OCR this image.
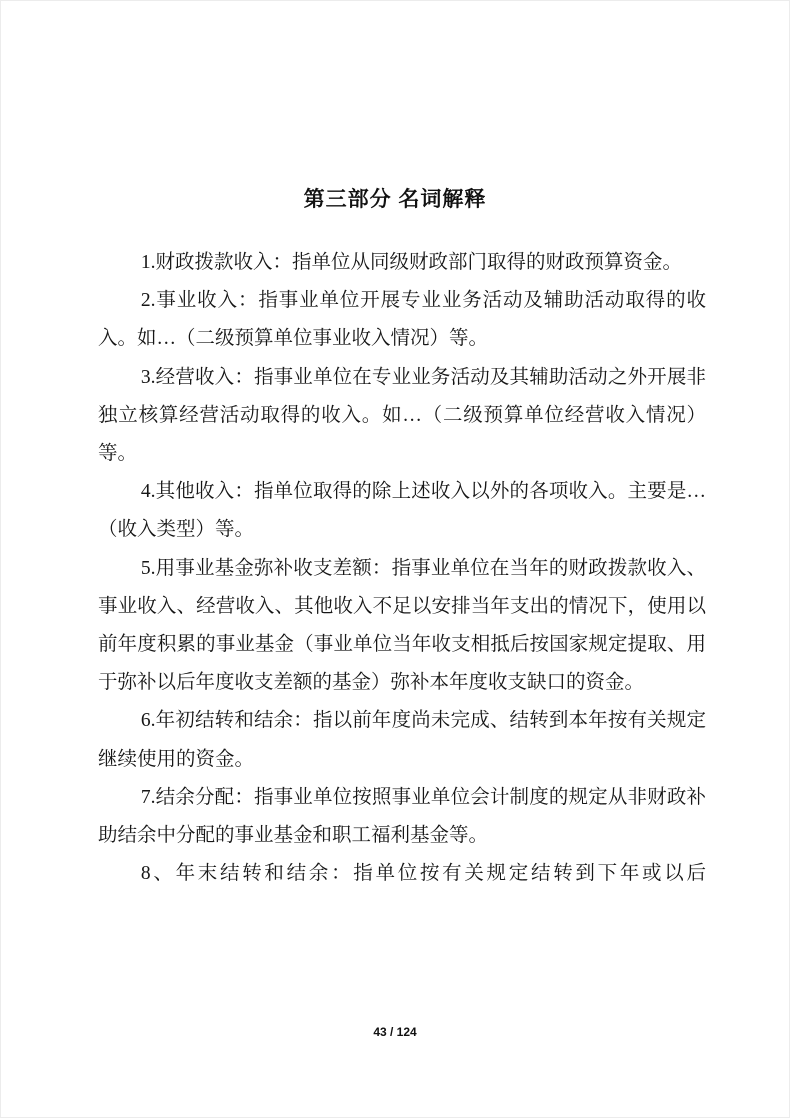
第三部分 名词解释

1.财政拨款收入：指单位从同级财政部门取得的财政预算资金。

2.事业收入：指事业单位开展专业业务活动及辅助活动取得的收入。如…（二级预算单位事业收入情况）等。

3.经营收入：指事业单位在专业业务活动及其辅助活动之外开展非独立核算经营活动取得的收入。如…（二级预算单位经营收入情况）等。

4.其他收入：指单位取得的除上述收入以外的各项收入。主要是…（收入类型）等。

5.用事业基金弥补收支差额：指事业单位在当年的财政拨款收入、事业收入、经营收入、其他收入不足以安排当年支出的情况下，使用以前年度积累的事业基金（事业单位当年收支相抵后按国家规定提取、用于弥补以后年度收支差额的基金）弥补本年度收支缺口的资金。

6.年初结转和结余：指以前年度尚未完成、结转到本年按有关规定继续使用的资金。

7.结余分配：指事业单位按照事业单位会计制度的规定从非财政补助结余中分配的事业基金和职工福利基金等。

8、年末结转和结余：指单位按有关规定结转到下年或以后

43 / 124
